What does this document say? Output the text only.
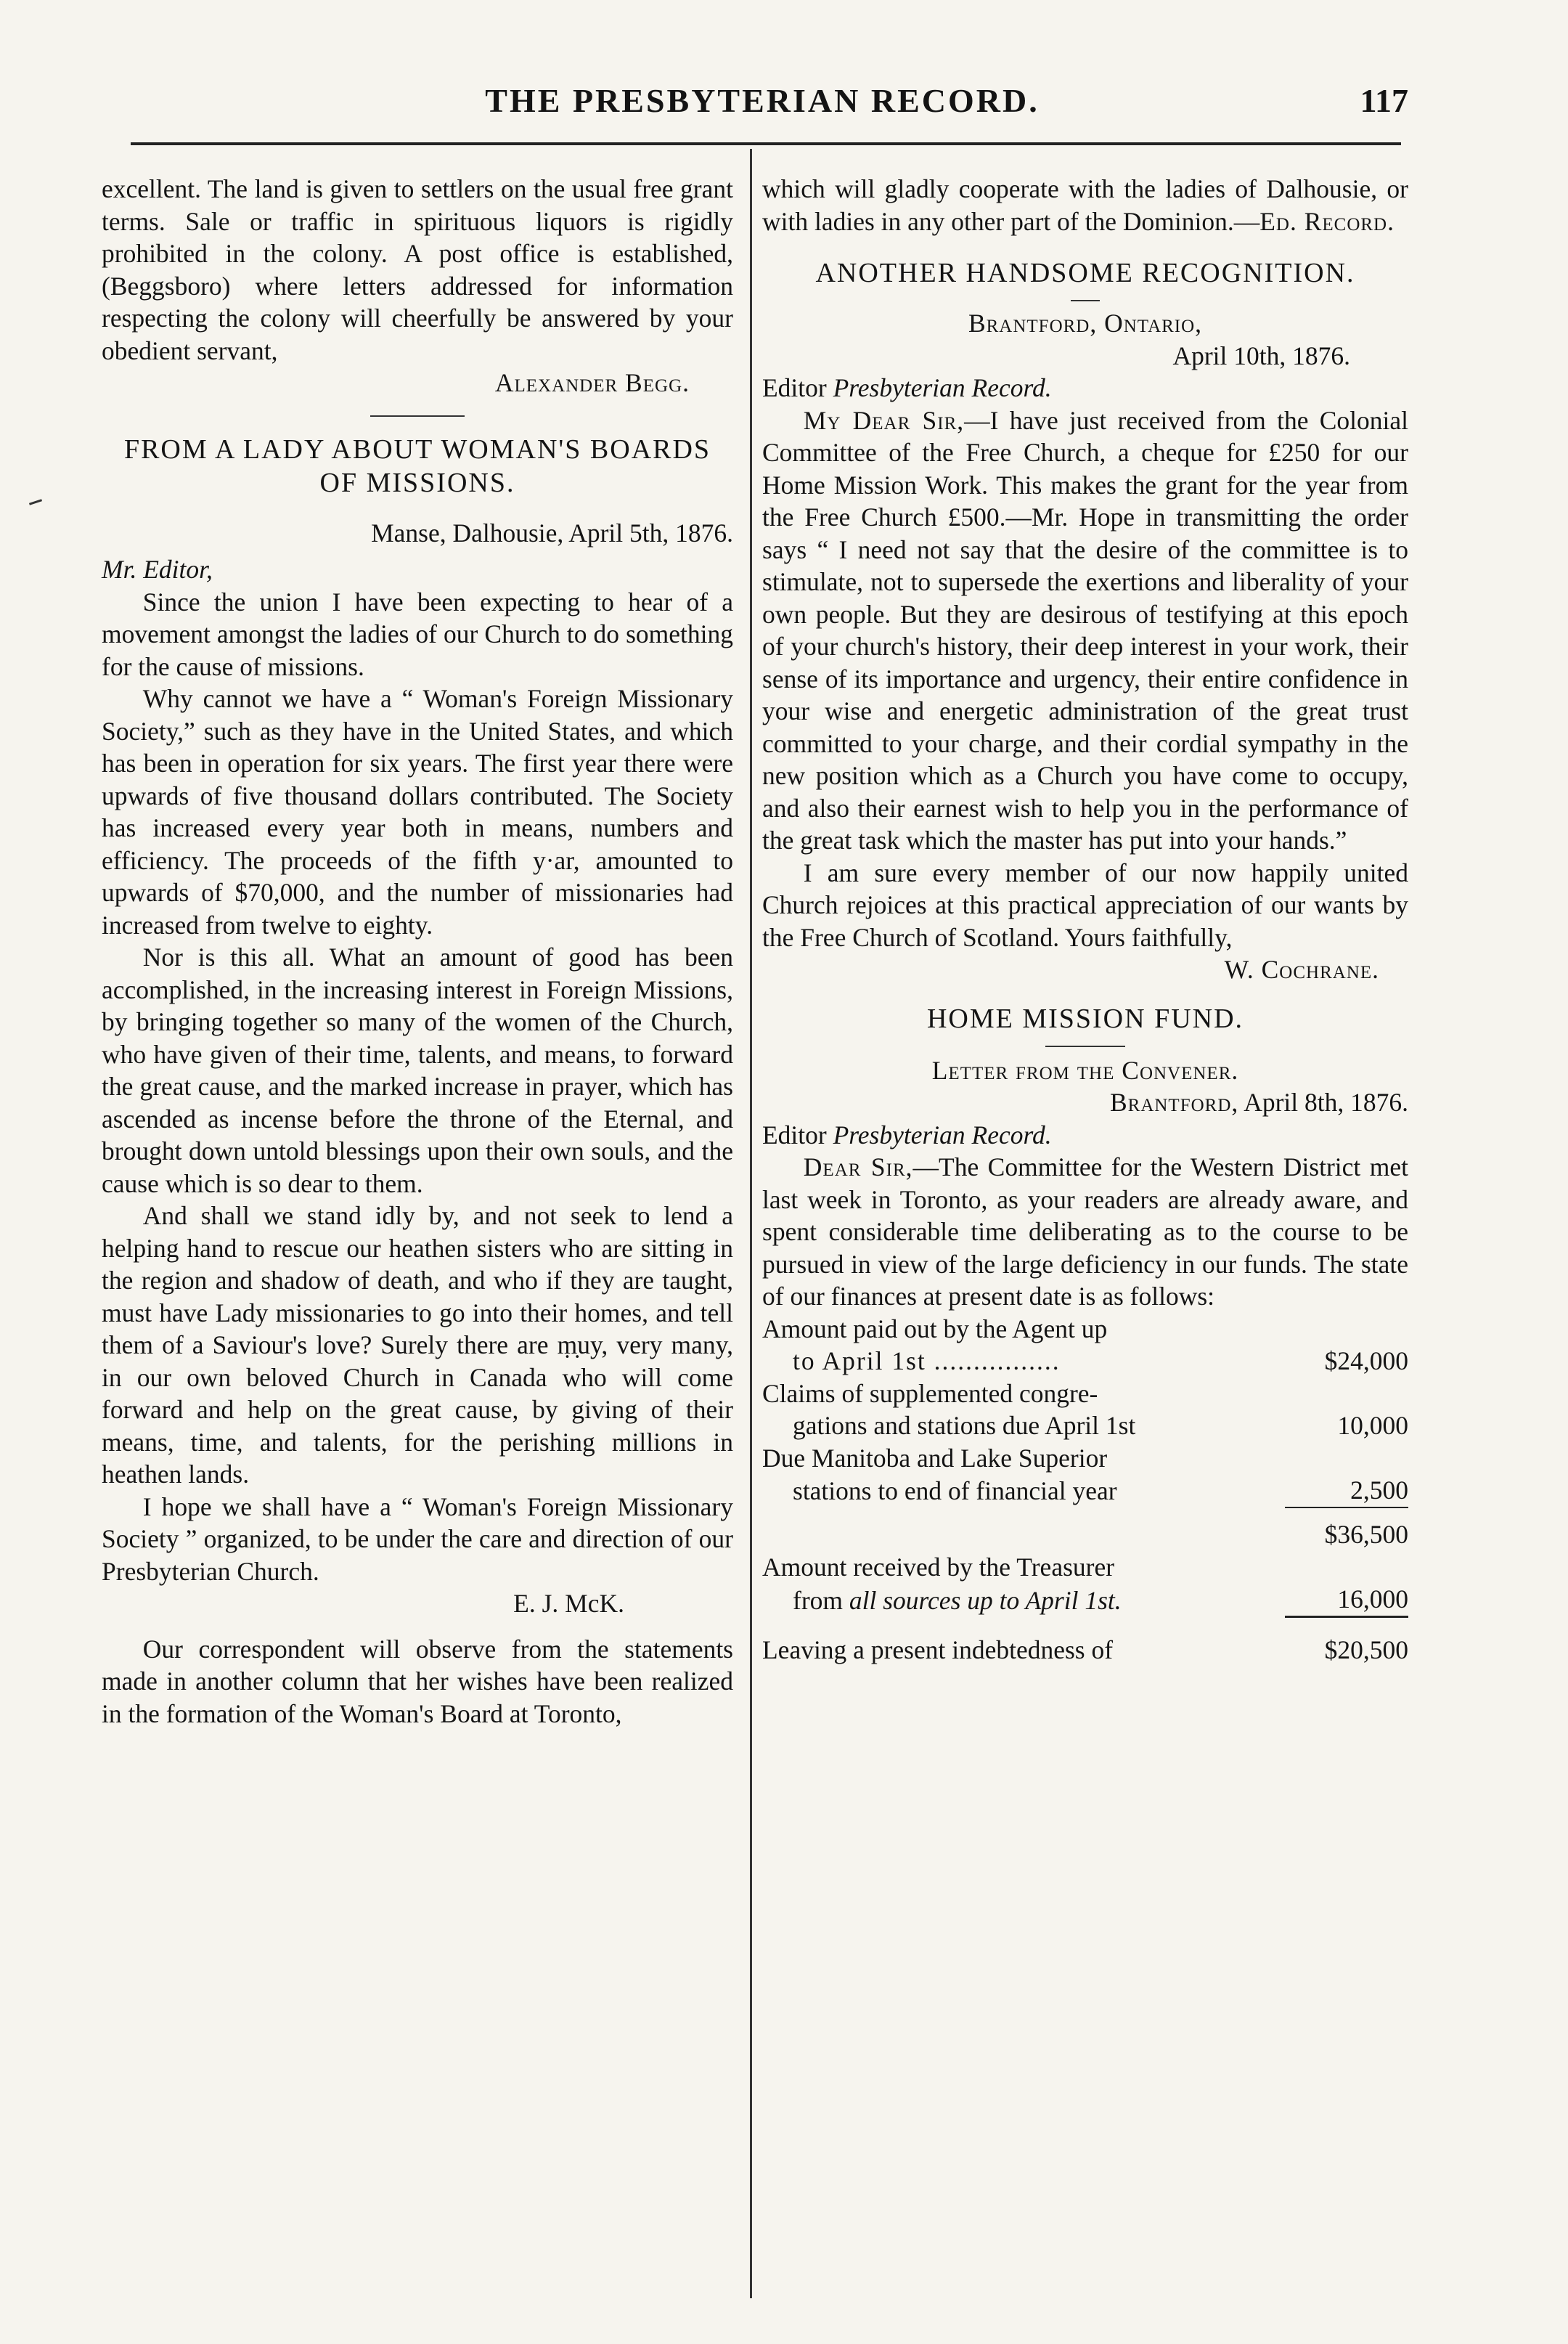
THE PRESBYTERIAN RECORD.	117

excellent. The land is given to settlers on the usual free grant terms. Sale or traffic in spirituous liquors is rigidly prohibited in the colony. A post office is established, (Beggsboro) where letters addressed for information respecting the colony will cheerfully be answered by your obedient servant,

Alexander Begg.

FROM A LADY ABOUT WOMAN'S BOARDS OF MISSIONS.

Manse, Dalhousie, April 5th, 1876.

Mr. Editor,

Since the union I have been expecting to hear of a movement amongst the ladies of our Church to do something for the cause of missions.

Why cannot we have a “ Woman's Foreign Missionary Society,” such as they have in the United States, and which has been in operation for six years. The first year there were upwards of five thousand dollars contributed. The Society has increased every year both in means, numbers and efficiency. The proceeds of the fifth y·ar, amounted to upwards of $70,000, and the number of missionaries had increased from twelve to eighty.

Nor is this all. What an amount of good has been accomplished, in the increasing interest in Foreign Missions, by bringing together so many of the women of the Church, who have given of their time, talents, and means, to forward the great cause, and the marked increase in prayer, which has ascended as incense before the throne of the Eternal, and brought down untold blessings upon their own souls, and the cause which is so dear to them.

And shall we stand idly by, and not seek to lend a helping hand to rescue our heathen sisters who are sitting in the region and shadow of death, and who if they are taught, must have Lady missionaries to go into their homes, and tell them of a Saviour's love? Surely there are ṃ̣uy, very many, in our own beloved Church in Canada who will come forward and help on the great cause, by giving of their means, time, and talents, for the perishing millions in heathen lands.

I hope we shall have a “ Woman's Foreign Missionary Society ” organized, to be under the care and direction of our Presbyterian Church.

E. J. McK.

Our correspondent will observe from the statements made in another column that her wishes have been realized in the formation of the Woman's Board at Toronto,

which will gladly cooperate with the ladies of Dalhousie, or with ladies in any other part of the Dominion.—Ed. Record.

ANOTHER HANDSOME RECOGNITION.

Brantford, Ontario,

April 10th, 1876.

Editor Presbyterian Record.

My Dear Sir,—I have just received from the Colonial Committee of the Free Church, a cheque for £250 for our Home Mission Work. This makes the grant for the year from the Free Church £500.—Mr. Hope in transmitting the order says “ I need not say that the desire of the committee is to stimulate, not to supersede the exertions and liberality of your own people. But they are desirous of testifying at this epoch of your church's history, their deep interest in your work, their sense of its importance and urgency, their entire confidence in your wise and energetic administration of the great trust committed to your charge, and their cordial sympathy in the new position which as a Church you have come to occupy, and also their earnest wish to help you in the performance of the great task which the master has put into your hands.”

I am sure every member of our now happily united Church rejoices at this practical appreciation of our wants by the Free Church of Scotland. Yours faithfully,

W. Cochrane.

HOME MISSION FUND.

Letter from the Convener.

Brantford, April 8th, 1876.

Editor Presbyterian Record.

Dear Sir,—The Committee for the Western District met last week in Toronto, as your readers are already aware, and spent considerable time deliberating as to the course to be pursued in view of the large deficiency in our funds. The state of our finances at present date is as follows:

Amount paid out by the Agent up	
to April 1st ................	$24,000
Claims of supplemented congre-	
gations and stations due April 1st	10,000
Due Manitoba and Lake Superior	
stations to end of financial year	2,500
	$36,500
Amount received by the Treasurer	
from all sources up to April 1st.	16,000
Leaving a present indebtedness of	$20,500
